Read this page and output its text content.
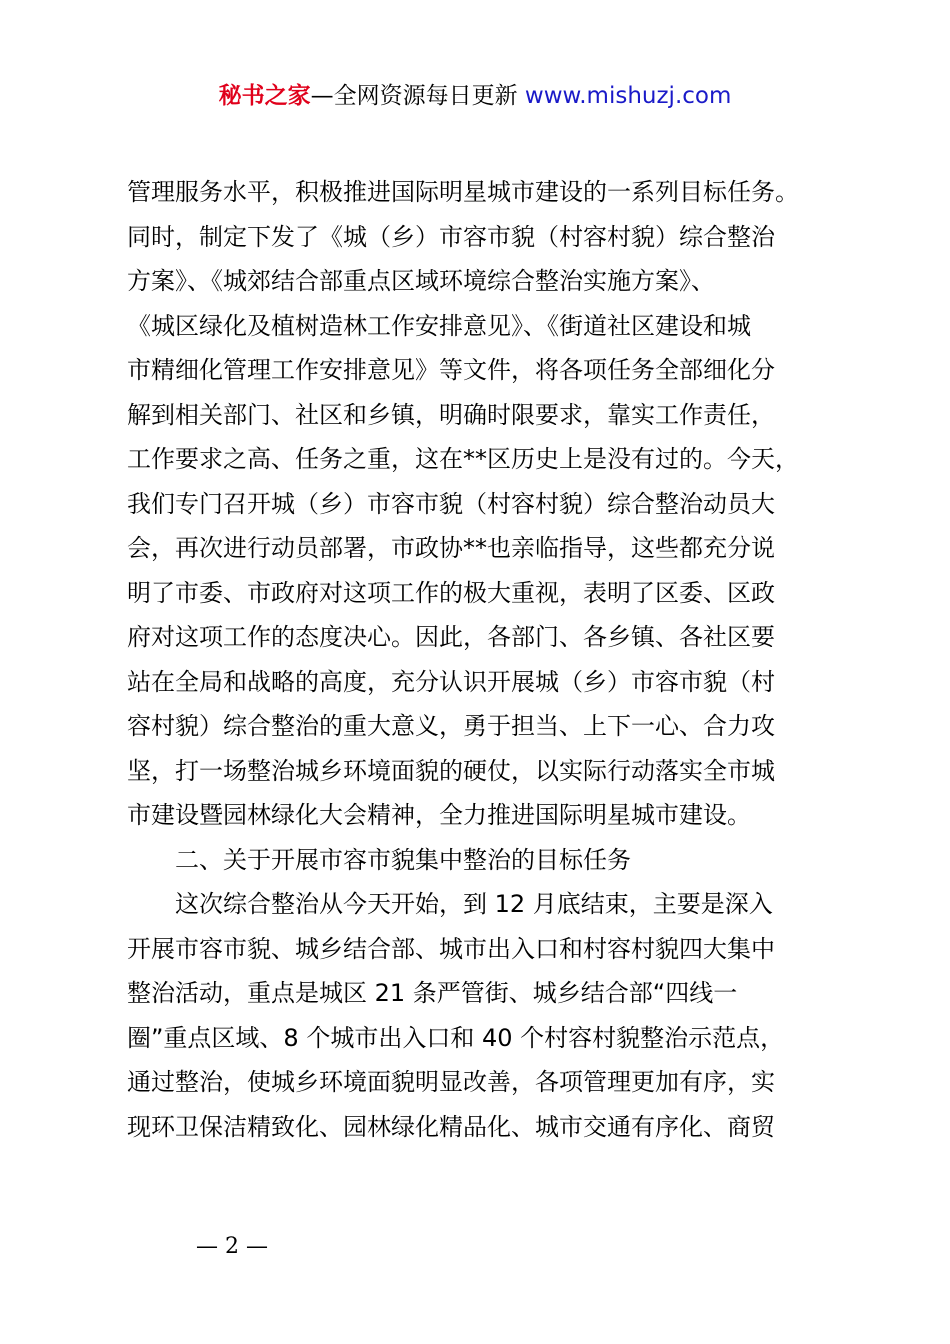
秘书之家—全网资源每日更新 www.mishuzj.com
管理服务水平，积极推进国际明星城市建设的一系列目标任务。
同时，制定下发了《城（乡）市容市貌（村容村貌）综合整治
方案》、《城郊结合部重点区域环境综合整治实施方案》、
《城区绿化及植树造林工作安排意见》、《街道社区建设和城
市精细化管理工作安排意见》等文件，将各项任务全部细化分
解到相关部门、社区和乡镇，明确时限要求，靠实工作责任，
工作要求之高、任务之重，这在**区历史上是没有过的。今天，
我们专门召开城（乡）市容市貌（村容村貌）综合整治动员大
会，再次进行动员部署，市政协**也亲临指导，这些都充分说
明了市委、市政府对这项工作的极大重视，表明了区委、区政
府对这项工作的态度决心。因此，各部门、各乡镇、各社区要
站在全局和战略的高度，充分认识开展城（乡）市容市貌（村
容村貌）综合整治的重大意义，勇于担当、上下一心、合力攻
坚，打一场整治城乡环境面貌的硬仗，以实际行动落实全市城
市建设暨园林绿化大会精神，全力推进国际明星城市建设。
二、关于开展市容市貌集中整治的目标任务
这次综合整治从今天开始，到 12 月底结束，主要是深入
开展市容市貌、城乡结合部、城市出入口和村容村貌四大集中
整治活动，重点是城区 21 条严管街、城乡结合部“四线一
圈”重点区域、8 个城市出入口和 40 个村容村貌整治示范点，
通过整治，使城乡环境面貌明显改善，各项管理更加有序，实
现环卫保洁精致化、园林绿化精品化、城市交通有序化、商贸
— 2 —
